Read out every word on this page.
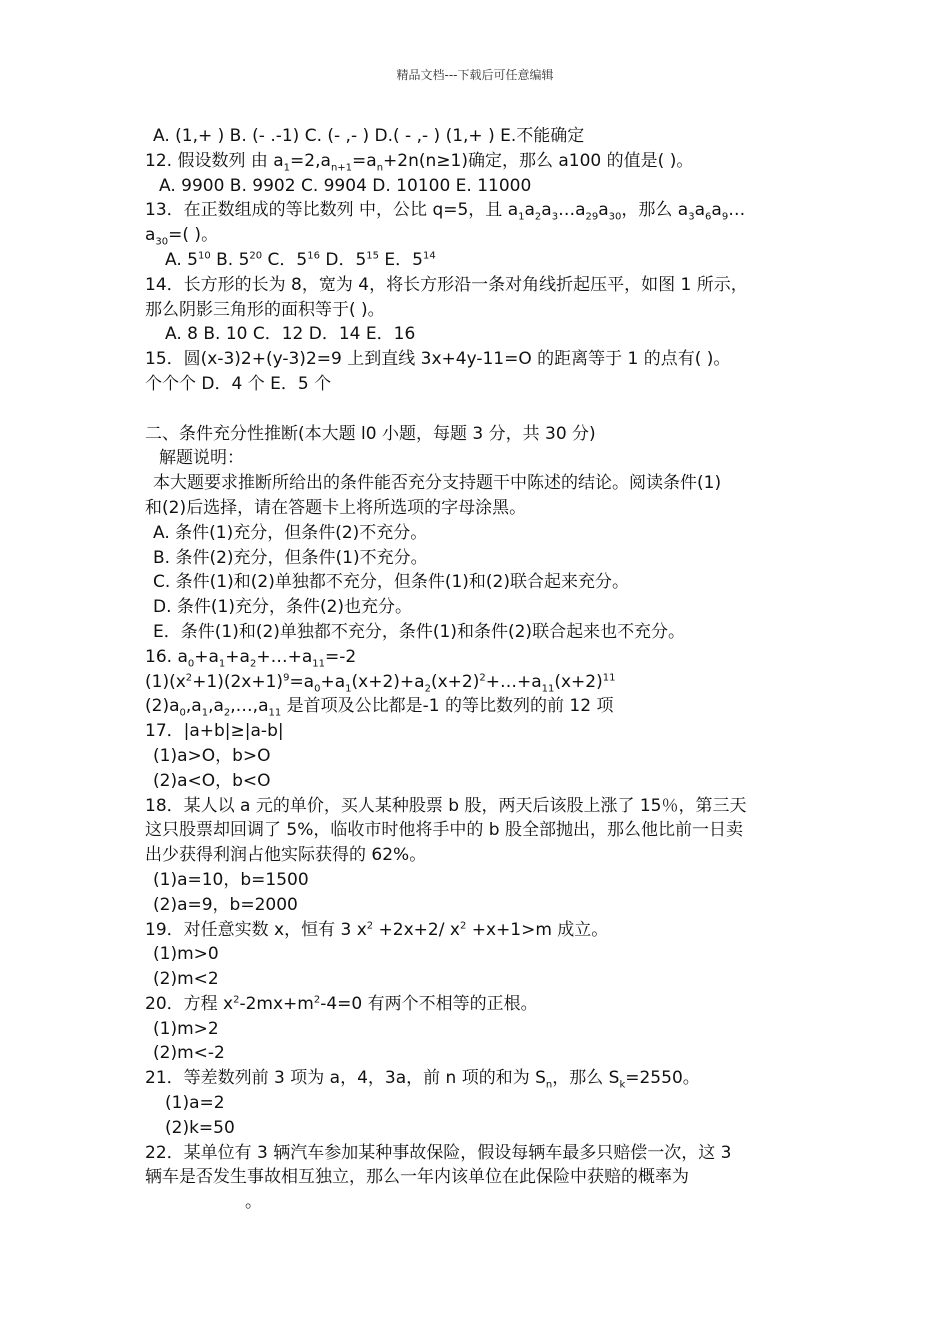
精品文档---下载后可任意编辑
A. (1,+ ) B. (- .-1) C. (- ,- ) D.( - ,- ) (1,+ ) E.不能确定
12. 假设数列 由 $a_1=2,a_{n+1}=a_n+2n(n\ge 1)$确定，那么 a100 的值是( )。
A. 9900 B. 9902 C. 9904 D. 10100 E. 11000
13．在正数组成的等比数列 中，公比 q=5，且 $a_1a_2a_3\dots a_{29}a_{30}$，那么 $a_3a_6a_9\dots$
$a_{30}=$( )。
A. $5^{10}$ B. $5^{20}$ C．$5^{16}$ D．$5^{15}$ E．$5^{14}$
14．长方形的长为 8，宽为 4，将长方形沿一条对角线折起压平，如图 1 所示，
那么阴影三角形的面积等于( )。
A. 8 B. 10 C．12 D．14 E．16
15．圆(x-3)2+(y-3)2=9 上到直线 3x+4y-11=O 的距离等于 1 的点有( )。
个个个 D．4 个 E．5 个
二、条件充分性推断(本大题 l0 小题，每题 3 分，共 30 分)
解题说明：
本大题要求推断所给出的条件能否充分支持题干中陈述的结论。阅读条件(1)
和(2)后选择，请在答题卡上将所选项的字母涂黑。
A. 条件(1)充分，但条件(2)不充分。
B. 条件(2)充分，但条件(1)不充分。
C. 条件(1)和(2)单独都不充分，但条件(1)和(2)联合起来充分。
D. 条件(1)充分，条件(2)也充分。
E．条件(1)和(2)单独都不充分，条件(1)和条件(2)联合起来也不充分。
16. $a_0+a_1+a_2+\dots+a_{11}=-2$
$(1)(x^2+1)(2x+1)^9=a_0+a_1(x+2)+a_2(x+2)^2+\dots+a_{11}(x+2)^{11}$
$(2)a_0,a_1,a_2,\dots,a_{11}$ 是首项及公比都是-1 的等比数列的前 12 项
17．|a+b|≥|a-b|
(1)a>O，b>O
(2)a<O，b<O
18．某人以 a 元的单价，买人某种股票 b 股，两天后该股上涨了 15％，第三天
这只股票却回调了 5%，临收市时他将手中的 b 股全部抛出，那么他比前一日卖
出少获得利润占他实际获得的 62%。
(1)a=10，b=1500
(2)a=9，b=2000
19．对任意实数 x，恒有 3 $x^2 +2x+2/$ $x^2 +x+1>m$ 成立。
(1)m>0
(2)m<2
20．方程 $x^2-2mx+m^2-4=0$ 有两个不相等的正根。
(1)m>2
(2)m<-2
21．等差数列前 3 项为 a，4，3a，前 n 项的和为 $S_n$，那么 $S_k=2550$。
(1)a=2
(2)k=50
22．某单位有 3 辆汽车参加某种事故保险，假设每辆车最多只赔偿一次，这 3
辆车是否发生事故相互独立，那么一年内该单位在此保险中获赔的概率为
。
